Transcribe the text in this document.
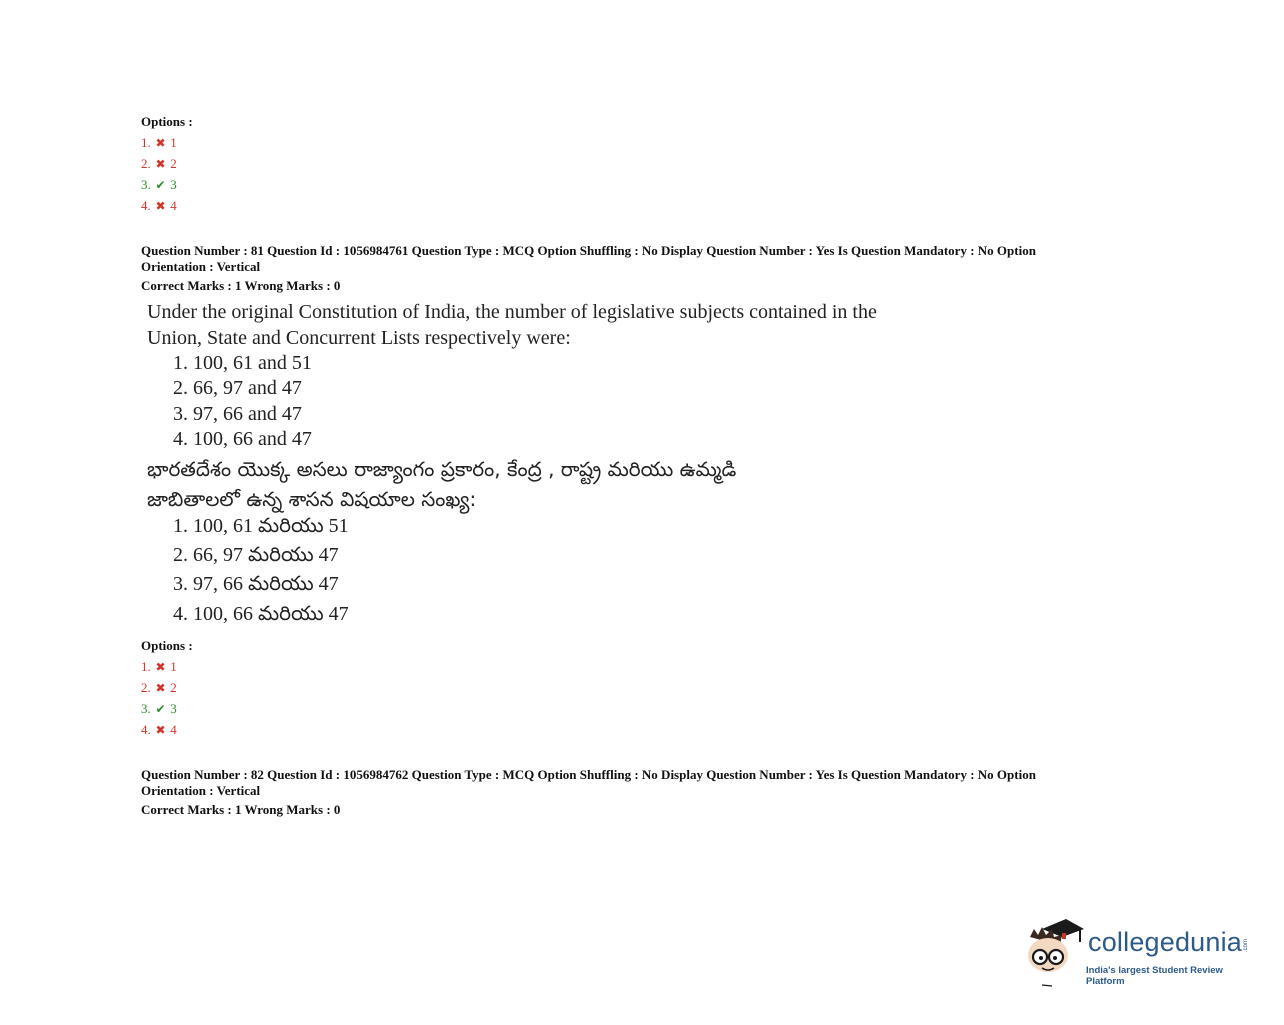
Options :
1. ✖ 1
2. ✖ 2
3. ✔ 3
4. ✖ 4
Question Number : 81 Question Id : 1056984761 Question Type : MCQ Option Shuffling : No Display Question Number : Yes Is Question Mandatory : No Option
Orientation : Vertical
Correct Marks : 1 Wrong Marks : 0
Under the original Constitution of India, the number of legislative subjects contained in the
Union, State and Concurrent Lists respectively were:
1. 100, 61 and 51
2. 66, 97 and 47
3. 97, 66 and 47
4. 100, 66 and 47
భారతదేశం యొక్క అసలు రాజ్యాంగం ప్రకారం, కేంద్ర , రాష్ట్ర మరియు ఉమ్మడి
జాబితాలలో ఉన్న శాసన విషయాల సంఖ్య:
1. 100, 61 మరియు 51
2. 66, 97 మరియు 47
3. 97, 66 మరియు 47
4. 100, 66 మరియు 47
Options :
1. ✖ 1
2. ✖ 2
3. ✔ 3
4. ✖ 4
Question Number : 82 Question Id : 1056984762 Question Type : MCQ Option Shuffling : No Display Question Number : Yes Is Question Mandatory : No Option
Orientation : Vertical
Correct Marks : 1 Wrong Marks : 0
collegedunia .com
India's largest Student Review Platform
